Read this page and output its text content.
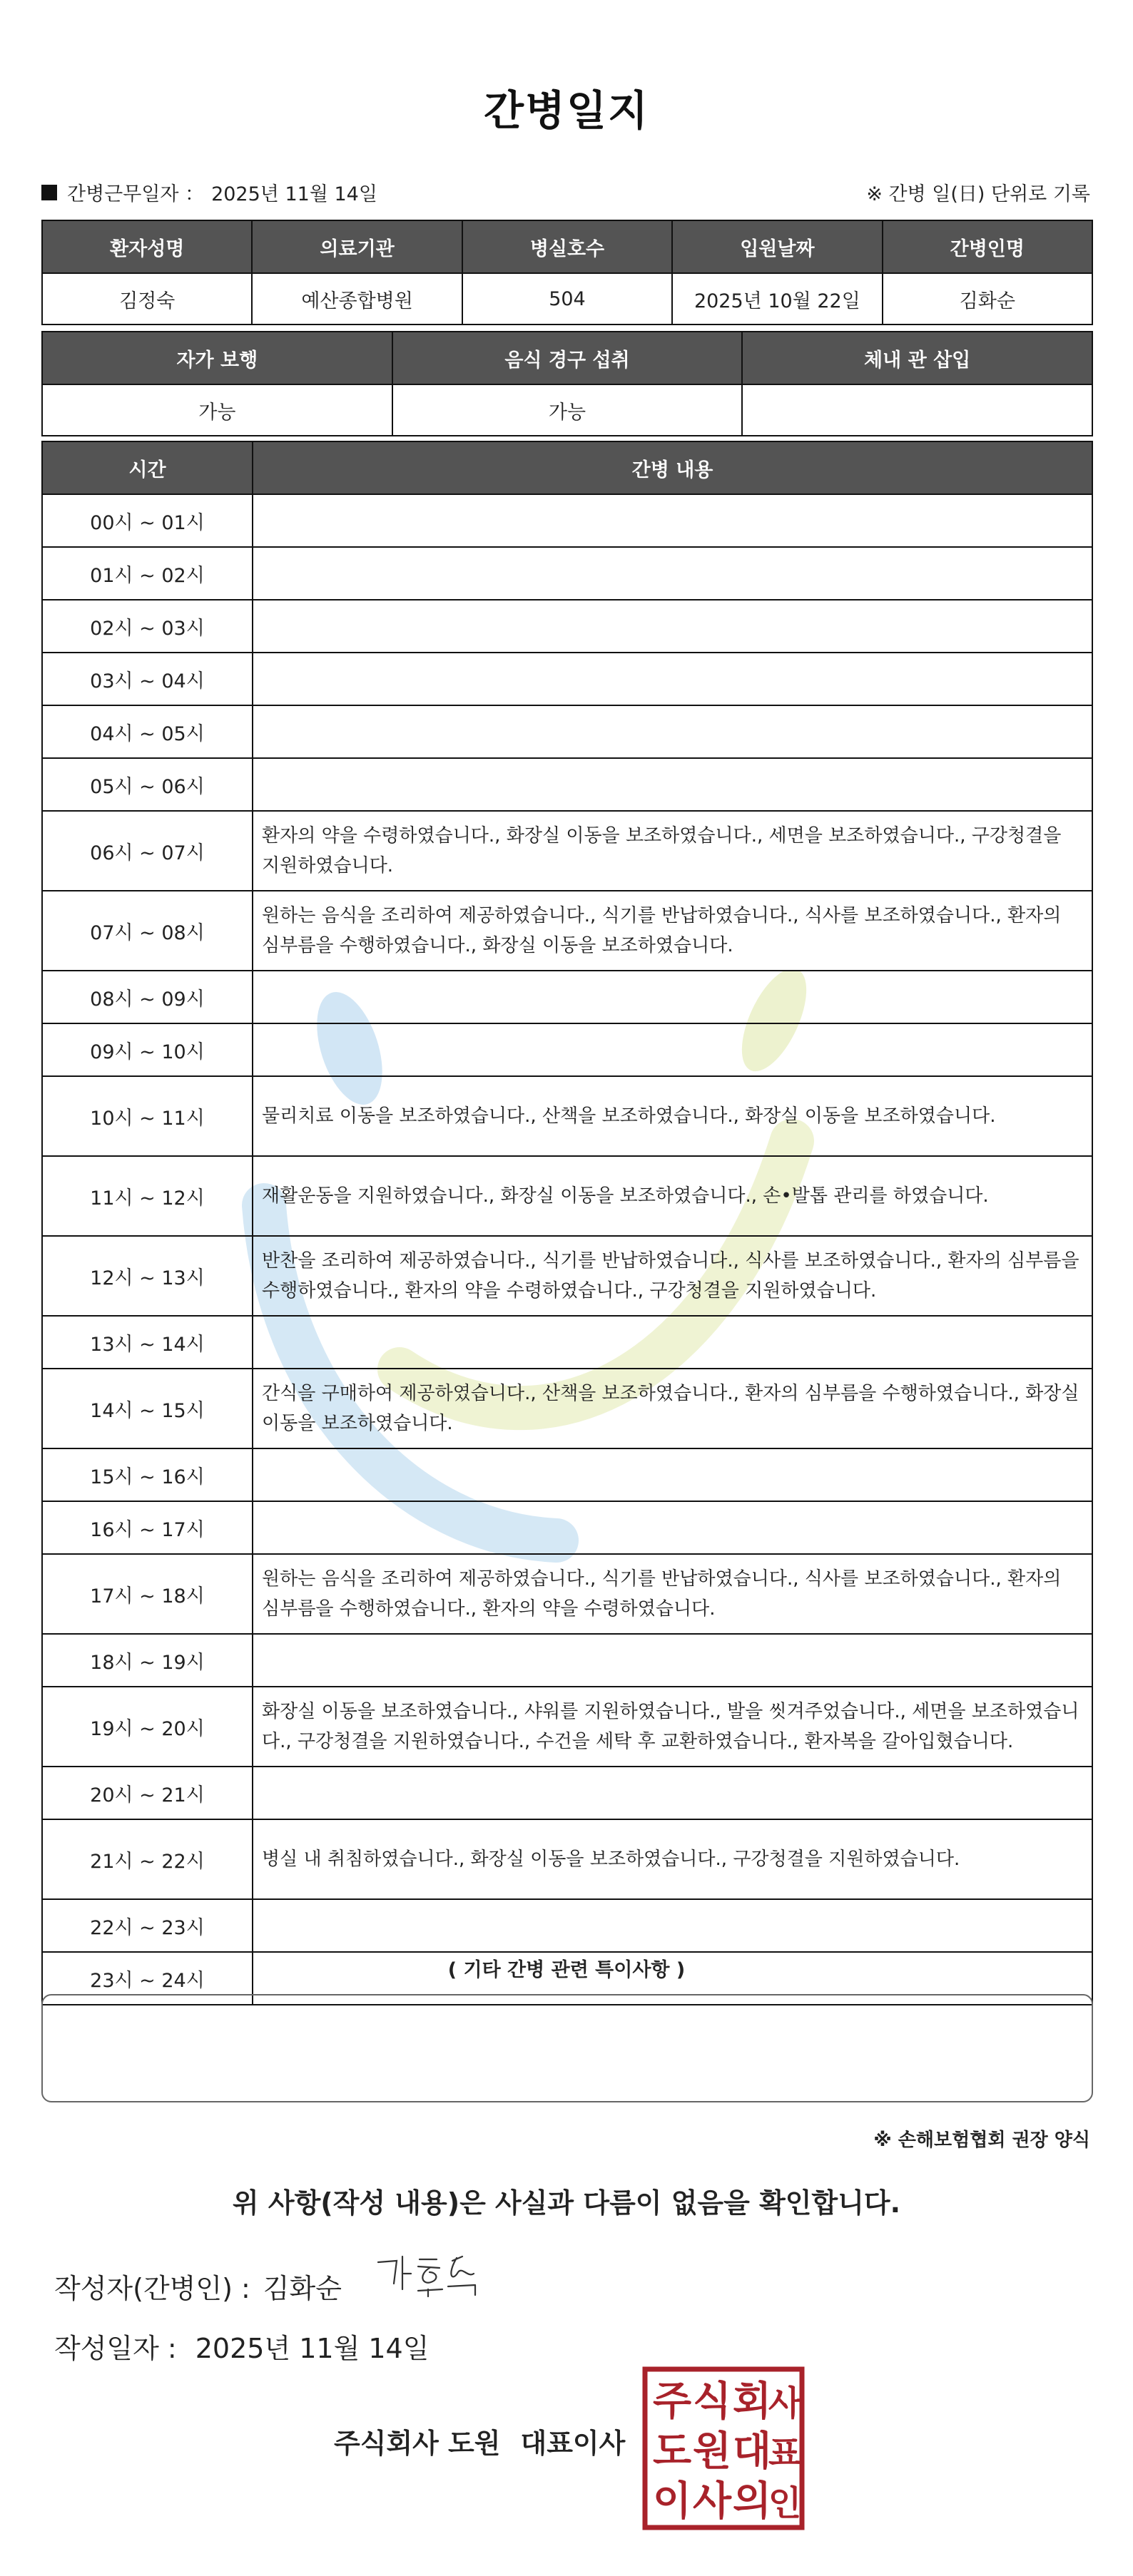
간병일지
간병근무일자 ： 2025년 11월 14일	※ 간병 일(日) 단위로 기록
환자성명	의료기관	병실호수	입원날짜	간병인명
김정숙	예산종합병원	504	2025년 10월 22일	김화순
자가 보행	음식 경구 섭취	체내 관 삽입
가능	가능	
시간	간병 내용
00시 ~ 01시	
01시 ~ 02시	
02시 ~ 03시	
03시 ~ 04시	
04시 ~ 05시	
05시 ~ 06시	
06시 ~ 07시	환자의 약을 수령하였습니다., 화장실 이동을 보조하였습니다., 세면을 보조하였습니다., 구강청결을 지원하였습니다.
07시 ~ 08시	원하는 음식을 조리하여 제공하였습니다., 식기를 반납하였습니다., 식사를 보조하였습니다., 환자의 심부름을 수행하였습니다., 화장실 이동을 보조하였습니다.
08시 ~ 09시	
09시 ~ 10시	
10시 ~ 11시	물리치료 이동을 보조하였습니다., 산책을 보조하였습니다., 화장실 이동을 보조하였습니다.
11시 ~ 12시	재활운동을 지원하였습니다., 화장실 이동을 보조하였습니다., 손•발톱 관리를 하였습니다.
12시 ~ 13시	반찬을 조리하여 제공하였습니다., 식기를 반납하였습니다., 식사를 보조하였습니다., 환자의 심부름을 수행하였습니다., 환자의 약을 수령하였습니다., 구강청결을 지원하였습니다.
13시 ~ 14시	
14시 ~ 15시	간식을 구매하여 제공하였습니다., 산책을 보조하였습니다., 환자의 심부름을 수행하였습니다., 화장실 이동을 보조하였습니다.
15시 ~ 16시	
16시 ~ 17시	
17시 ~ 18시	원하는 음식을 조리하여 제공하였습니다., 식기를 반납하였습니다., 식사를 보조하였습니다., 환자의 심부름을 수행하였습니다., 환자의 약을 수령하였습니다.
18시 ~ 19시	
19시 ~ 20시	화장실 이동을 보조하였습니다., 샤워를 지원하였습니다., 발을 씻겨주었습니다., 세면을 보조하였습니다., 구강청결을 지원하였습니다., 수건을 세탁 후 교환하였습니다., 환자복을 갈아입혔습니다.
20시 ~ 21시	
21시 ~ 22시	병실 내 취침하였습니다., 화장실 이동을 보조하였습니다., 구강청결을 지원하였습니다.
22시 ~ 23시	
23시 ~ 24시		( 기타 간병 관련 특이사항 )
※ 손해보험협회 권장 양식
위 사항(작성 내용)은 사실과 다름이 없음을 확인합니다.
작성자(간병인) : 김화순
작성일자 : 2025년 11월 14일
주식회사 도원 대표이사
주 식 회
사
도 원 대
표
이 사 의
인
